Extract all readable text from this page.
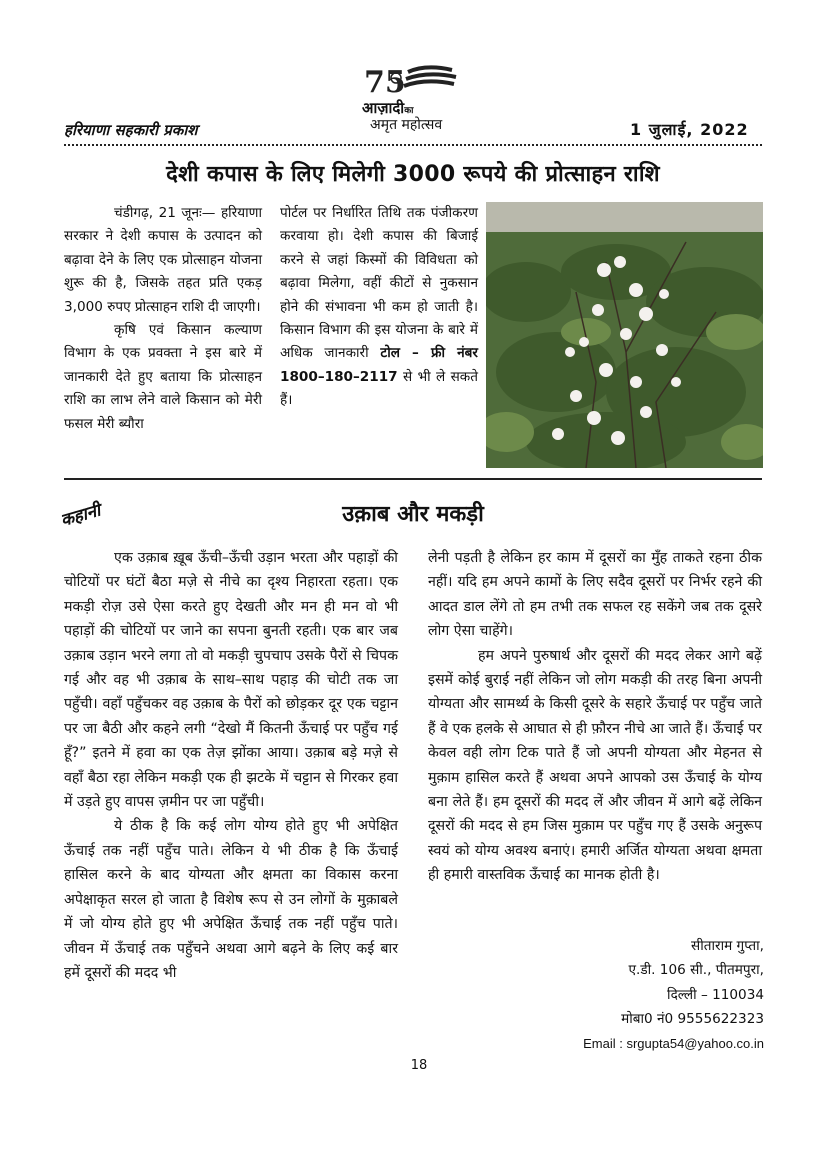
75
आज़ादीका
अमृत महोत्सव
हरियाणा सहकारी प्रकाश	1 जुलाई, 2022
देशी कपास के लिए मिलेगी 3000 रूपये की प्रोत्साहन राशि

चंडीगढ़, 21 जूनः— हरियाणा सरकार ने देशी कपास के उत्पादन को बढ़ावा देने के लिए एक प्रोत्साहन योजना शुरू की है, जिसके तहत प्रति एकड़ 3,000 रुपए प्रोत्साहन राशि दी जाएगी।

कृषि एवं किसान कल्याण विभाग के एक प्रवक्ता ने इस बारे में जानकारी देते हुए बताया कि प्रोत्साहन राशि का लाभ लेने वाले किसान को मेरी फसल मेरी ब्यौरा

पोर्टल पर निर्धारित तिथि तक पंजीकरण करवाया हो। देशी कपास की बिजाई करने से जहां किस्मों की विविधता को बढ़ावा मिलेगा, वहीं कीटों से नुकसान होने की संभावना भी कम हो जाती है। किसान विभाग की इस योजना के बारे में अधिक जानकारी टोल – फ्री नंबर 1800–180–2117 से भी ले सकते हैं।

उक़ाब और मकड़ी
कहानी

एक उक़ाब ख़ूब ऊँची–ऊँची उड़ान भरता और पहाड़ों की चोटियों पर घंटों बैठा मज़े से नीचे का दृश्य निहारता रहता। एक मकड़ी रोज़ उसे ऐसा करते हुए देखती और मन ही मन वो भी पहाड़ों की चोटियों पर जाने का सपना बुनती रहती। एक बार जब उक़ाब उड़ान भरने लगा तो वो मकड़ी चुपचाप उसके पैरों से चिपक गई और वह भी उक़ाब के साथ–साथ पहाड़ की चोटी तक जा पहुँची। वहाँ पहुँचकर वह उक़ाब के पैरों को छोड़कर दूर एक चट्टान पर जा बैठी और कहने लगी “देखो मैं कितनी ऊँचाई पर पहुँच गई हूँ?” इतने में हवा का एक तेज़ झोंका आया। उक़ाब बड़े मज़े से वहाँ बैठा रहा लेकिन मकड़ी एक ही झटके में चट्टान से गिरकर हवा में उड़ते हुए वापस ज़मीन पर जा पहुँची।

ये ठीक है कि कई लोग योग्य होते हुए भी अपेक्षित ऊँचाई तक नहीं पहुँच पाते। लेकिन ये भी ठीक है कि ऊँचाई हासिल करने के बाद योग्यता और क्षमता का विकास करना अपेक्षाकृत सरल हो जाता है विशेष रूप से उन लोगों के मुक़ाबले में जो योग्य होते हुए भी अपेक्षित ऊँचाई तक नहीं पहुँच पाते। जीवन में ऊँचाई तक पहुँचने अथवा आगे बढ़ने के लिए कई बार हमें दूसरों की मदद भी

लेनी पड़ती है लेकिन हर काम में दूसरों का मुँह ताकते रहना ठीक नहीं। यदि हम अपने कामों के लिए सदैव दूसरों पर निर्भर रहने की आदत डाल लेंगे तो हम तभी तक सफल रह सकेंगे जब तक दूसरे लोग ऐसा चाहेंगे।

हम अपने पुरुषार्थ और दूसरों की मदद लेकर आगे बढ़ें इसमें कोई बुराई नहीं लेकिन जो लोग मकड़ी की तरह बिना अपनी योग्यता और सामर्थ्य के किसी दूसरे के सहारे ऊँचाई पर पहुँच जाते हैं वे एक हलके से आघात से ही फ़ौरन नीचे आ जाते हैं। ऊँचाई पर केवल वही लोग टिक पाते हैं जो अपनी योग्यता और मेहनत से मुक़ाम हासिल करते हैं अथवा अपने आपको उस ऊँचाई के योग्य बना लेते हैं। हम दूसरों की मदद लें और जीवन में आगे बढ़ें लेकिन दूसरों की मदद से हम जिस मुक़ाम पर पहुँच गए हैं उसके अनुरूप स्वयं को योग्य अवश्य बनाएं। हमारी अर्जित योग्यता अथवा क्षमता ही हमारी वास्तविक ऊँचाई का मानक होती है।

सीताराम गुप्ता,
ए.डी. 106 सी., पीतमपुरा,
दिल्ली – 110034
मोबा0 नं0 9555622323
Email : srgupta54@yahoo.co.in
18
